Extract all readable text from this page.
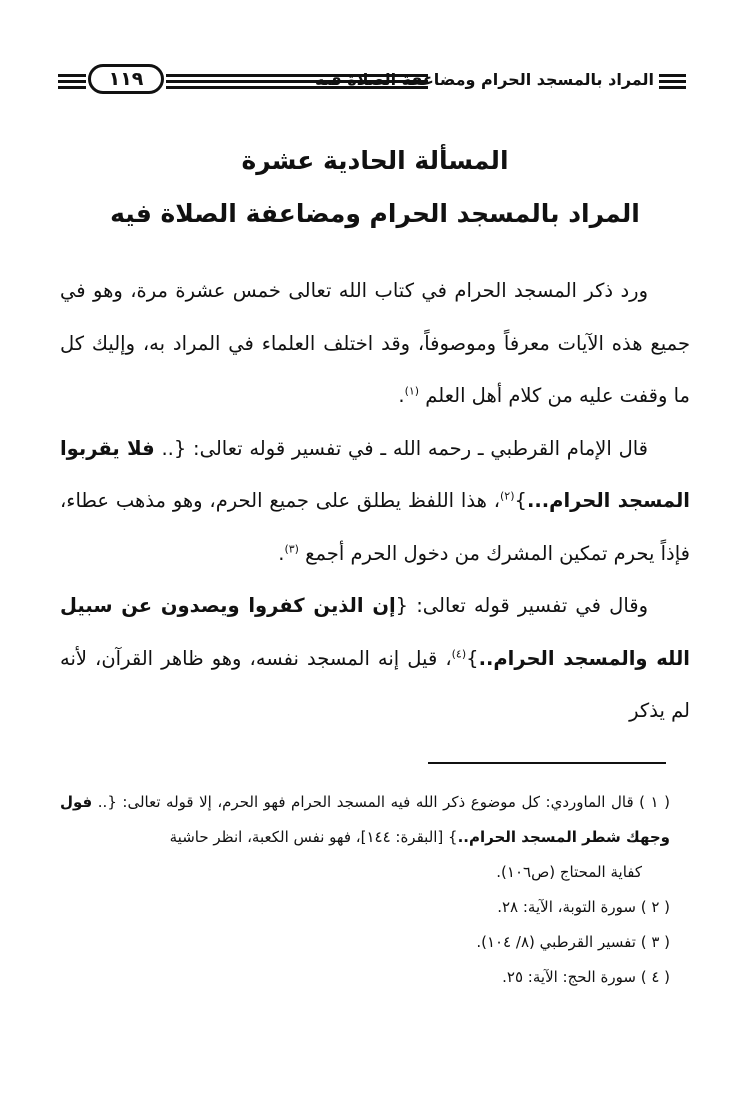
١١٩	المراد بالمسجد الحرام ومضاعفة الصلاة فيه
المسألة الحادية عشرة
المراد بالمسجد الحرام ومضاعفة الصلاة فيه

ورد ذكر المسجد الحرام في كتاب الله تعالى خمس عشرة مرة، وهو في جميع هذه الآيات معرفاً وموصوفاً، وقد اختلف العلماء في المراد به، وإليك كل ما وقفت عليه من كلام أهل العلم $^{(١)}$.

قال الإمام القرطبي ـ رحمه الله ـ في تفسير قوله تعالى: {.. فلا يقربوا المسجد الحرام...}$^{(٢)}$، هذا اللفظ يطلق على جميع الحرم، وهو مذهب عطاء، فإذاً يحرم تمكين المشرك من دخول الحرم أجمع $^{(٣)}$.

وقال في تفسير قوله تعالى: {إن الذين كفروا ويصدون عن سبيل الله والمسجد الحرام..}$^{(٤)}$، قيل إنه المسجد نفسه، وهو ظاهر القرآن، لأنه لم يذكر

( ١ ) قال الماوردي: كل موضوع ذكر الله فيه المسجد الحرام فهو الحرم، إلا قوله تعالى: {.. فول وجهك شطر المسجد الحرام..} [البقرة: ١٤٤]، فهو نفس الكعبة، انظر حاشية
كفاية المحتاج (ص١٠٦).

( ٢ ) سورة التوبة، الآية: ٢٨.

( ٣ ) تفسير القرطبي (٨/ ١٠٤).

( ٤ ) سورة الحج: الآية: ٢٥.
